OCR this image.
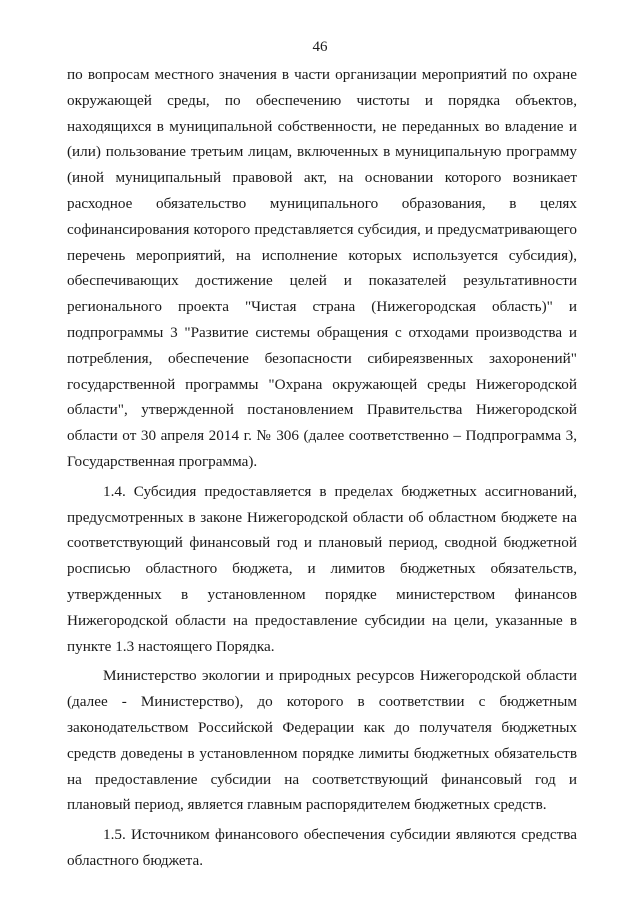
46

по вопросам местного значения в части организации мероприятий по охране окружающей среды, по обеспечению чистоты и порядка объектов, находящихся в муниципальной собственности, не переданных во владение и (или) пользование третьим лицам, включенных в муниципальную программу (иной муниципальный правовой акт, на основании которого возникает расходное обязательство муниципального образования, в целях софинансирования которого представляется субсидия, и предусматривающего перечень мероприятий, на исполнение которых используется субсидия), обеспечивающих достижение целей и показателей результативности регионального проекта "Чистая страна (Нижегородская область)" и подпрограммы 3 "Развитие системы обращения с отходами производства и потребления, обеспечение безопасности сибиреязвенных захоронений" государственной программы "Охрана окружающей среды Нижегородской области", утвержденной постановлением Правительства Нижегородской области от 30 апреля 2014 г. № 306 (далее соответственно – Подпрограмма 3, Государственная программа).

1.4. Субсидия предоставляется в пределах бюджетных ассигнований, предусмотренных в законе Нижегородской области об областном бюджете на соответствующий финансовый год и плановый период, сводной бюджетной росписью областного бюджета, и лимитов бюджетных обязательств, утвержденных в установленном порядке министерством финансов Нижегородской области на предоставление субсидии на цели, указанные в пункте 1.3 настоящего Порядка.

Министерство экологии и природных ресурсов Нижегородской области (далее - Министерство), до которого в соответствии с бюджетным законодательством Российской Федерации как до получателя бюджетных средств доведены в установленном порядке лимиты бюджетных обязательств на предоставление субсидии на соответствующий финансовый год и плановый период, является главным распорядителем бюджетных средств.

1.5. Источником финансового обеспечения субсидии являются средства областного бюджета.
